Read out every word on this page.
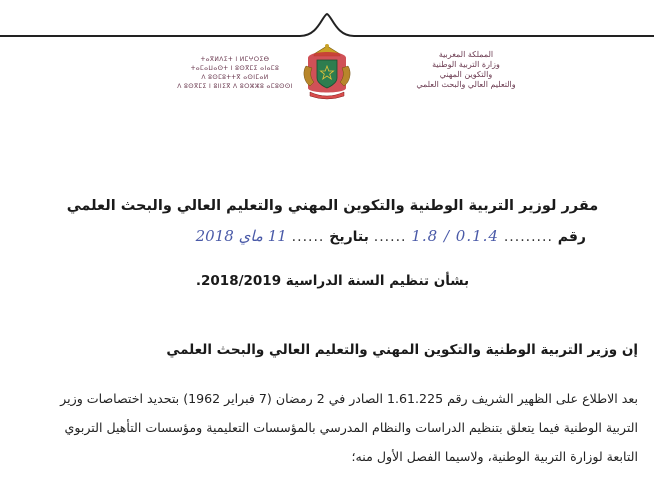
المملكة المغربية
وزارة التربية الوطنية
والتكوين المهني
والتعليم العالي والبحث العلمي
ⵜⴰⴳⵍⴷⵉⵜ ⵏ ⵍⵎⵖⵔⵉⴱ
ⵜⴰⵎⴰⵡⴰⵙⵜ ⵏ ⵓⵙⴳⵎⵉ ⴰⵏⴰⵎⵓ
ⴷ ⵓⵙⵎⵓⵜⵜⴳ ⴰⵙⵏⵎⴰⵍ
ⴷ ⵓⵙⴳⵎⵉ ⵏ ⵓⵏⵏⵉⴳ ⴷ ⵓⵔⵣⵣⵓ ⴰⵎⵓⵙⵙⵏ
مقرر لوزير التربية الوطنية والتكوين المهني والتعليم العالي والبحث العلمي
رقم ......... 0.1.4 / 1.8 ...... بتاريخ ...... 11 ماي 2018
بشأن تنظيم السنة الدراسية 2018/2019.
إن وزير التربية الوطنية والتكوين المهني والتعليم العالي والبحث العلمي
بعد الاطلاع على الظهير الشريف رقم 1.61.225 الصادر في 2 رمضان (7 فبراير 1962) بتحديد اختصاصات وزير
التربية الوطنية فيما يتعلق بتنظيم الدراسات والنظام المدرسي بالمؤسسات التعليمية ومؤسسات التأهيل التربوي
التابعة لوزارة التربية الوطنية، ولاسيما الفصل الأول منه؛
